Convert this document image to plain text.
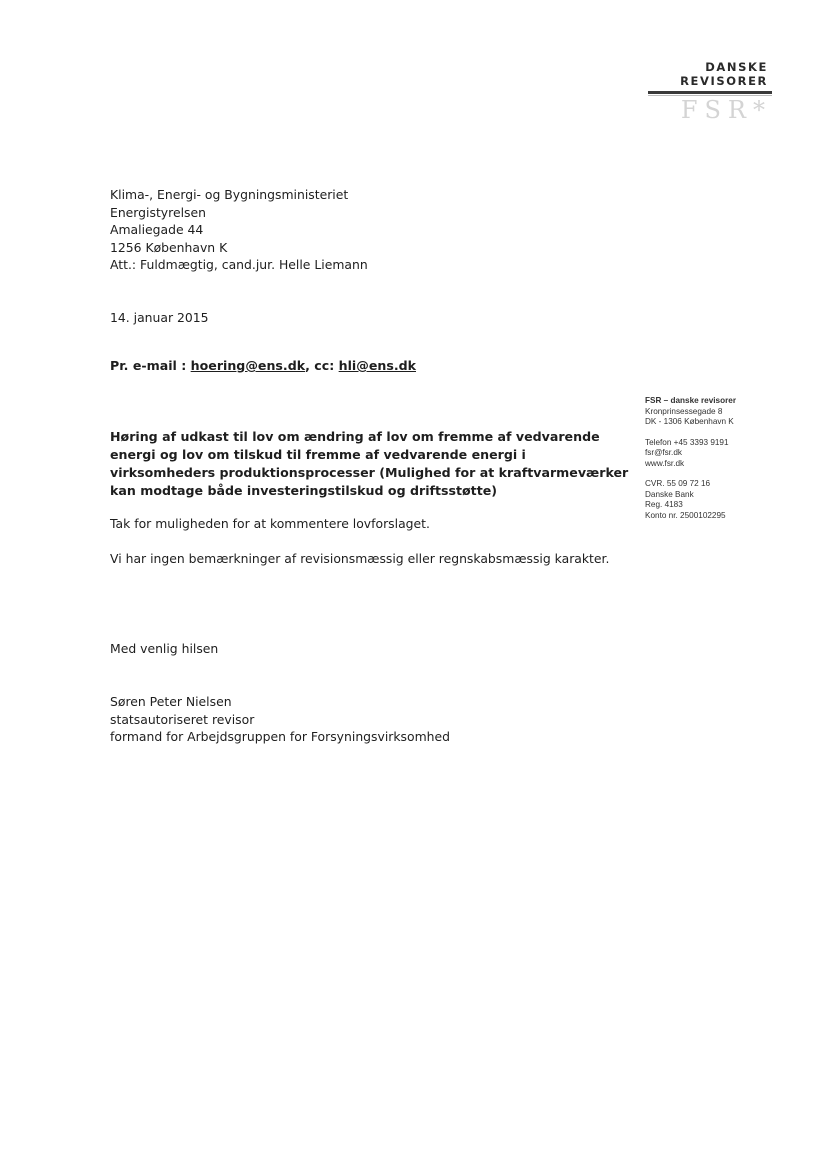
DANSKE
REVISORER
FSR*
Klima-, Energi- og Bygningsministeriet
Energistyrelsen
Amaliegade 44
1256 København K
Att.: Fuldmægtig, cand.jur. Helle Liemann
14. januar 2015
Pr. e-mail : hoering@ens.dk, cc: hli@ens.dk
FSR – danske revisorer
Kronprinsessegade 8
DK - 1306 København K
Telefon +45 3393 9191
fsr@fsr.dk
www.fsr.dk
CVR. 55 09 72 16
Danske Bank
Reg. 4183
Konto nr. 2500102295
Høring af udkast til lov om ændring af lov om fremme af vedvarende
energi og lov om tilskud til fremme af vedvarende energi i
virksomheders produktionsprocesser (Mulighed for at kraftvarmeværker
kan modtage både investeringstilskud og driftsstøtte)
Tak for muligheden for at kommentere lovforslaget.
Vi har ingen bemærkninger af revisionsmæssig eller regnskabsmæssig karakter.
Med venlig hilsen
Søren Peter Nielsen
statsautoriseret revisor
formand for Arbejdsgruppen for Forsyningsvirksomhed
